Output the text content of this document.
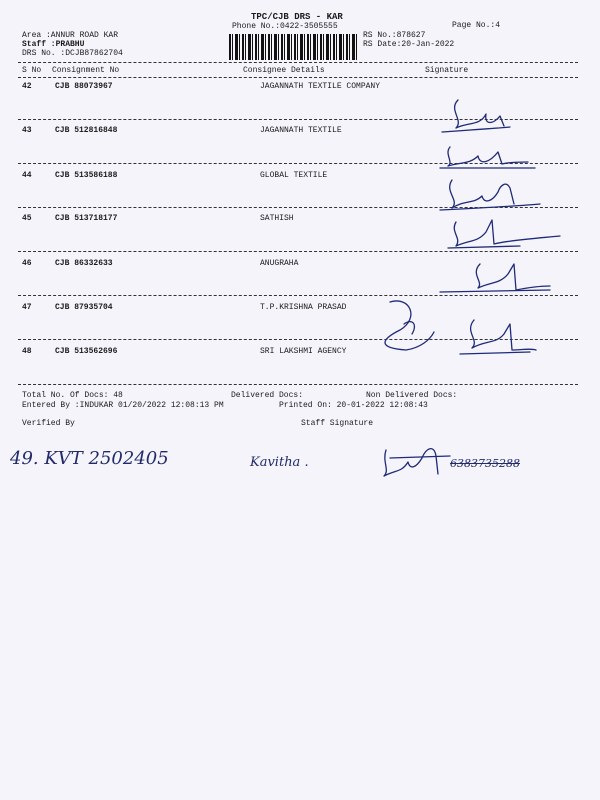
TPC/CJB DRS - KAR
Phone No.:0422-3505555	Page No.:4
Area :ANNUR ROAD KAR
Staff :PRABHU
DRS No. :DCJB87862704
RS No.:878627
RS Date:20-Jan-2022
S No Consignment No	Consignee Details	Signature
42	CJB 88073967	JAGANNATH TEXTILE COMPANY
43	CJB 512816848	JAGANNATH TEXTILE
44	CJB 513586188	GLOBAL TEXTILE
45	CJB 513718177	SATHISH
46	CJB 86332633	ANUGRAHA
47	CJB 87935704	T.P.KRISHNA PRASAD
48	CJB 513562696	SRI LAKSHMI AGENCY
Total No. Of Docs: 48	Delivered Docs:	Non Delivered Docs:
Entered By :INDUKAR 01/20/2022 12:08:13 PM	Printed On: 20-01-2022 12:08:43
Verified By	Staff Signature
49. KVT 2502405	Kavitha .	6383735288
